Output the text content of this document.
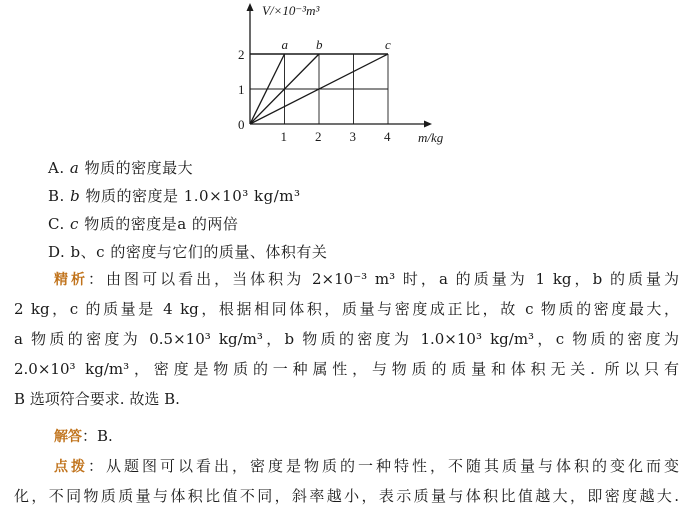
V/×10⁻³m³
m/kg
0
1 2 3 4
1
2
a b	c
A. a 物质的密度最大
B. b 物质的密度是 1.0×10³ kg/m³
C. c 物质的密度是a 的两倍
D. b、c 的密度与它们的质量、体积有关
精析：由图可以看出，当体积为 2×10⁻³ m³ 时，a 的质量为 1 kg，b 的质量为
2 kg，c 的质量是 4 kg，根据相同体积，质量与密度成正比，故 c 物质的密度最大，
a 物质的密度为 0.5×10³ kg/m³，b 物质的密度为 1.0×10³ kg/m³，c 物质的密度为
2.0×10³ kg/m³，密度是物质的一种属性，与物质的质量和体积无关. 所以只有
B 选项符合要求. 故选 B.
解答：B.
点拨：从题图可以看出，密度是物质的一种特性，不随其质量与体积的变化而变
化，不同物质质量与体积比值不同，斜率越小，表示质量与体积比值越大，即密度越大.
